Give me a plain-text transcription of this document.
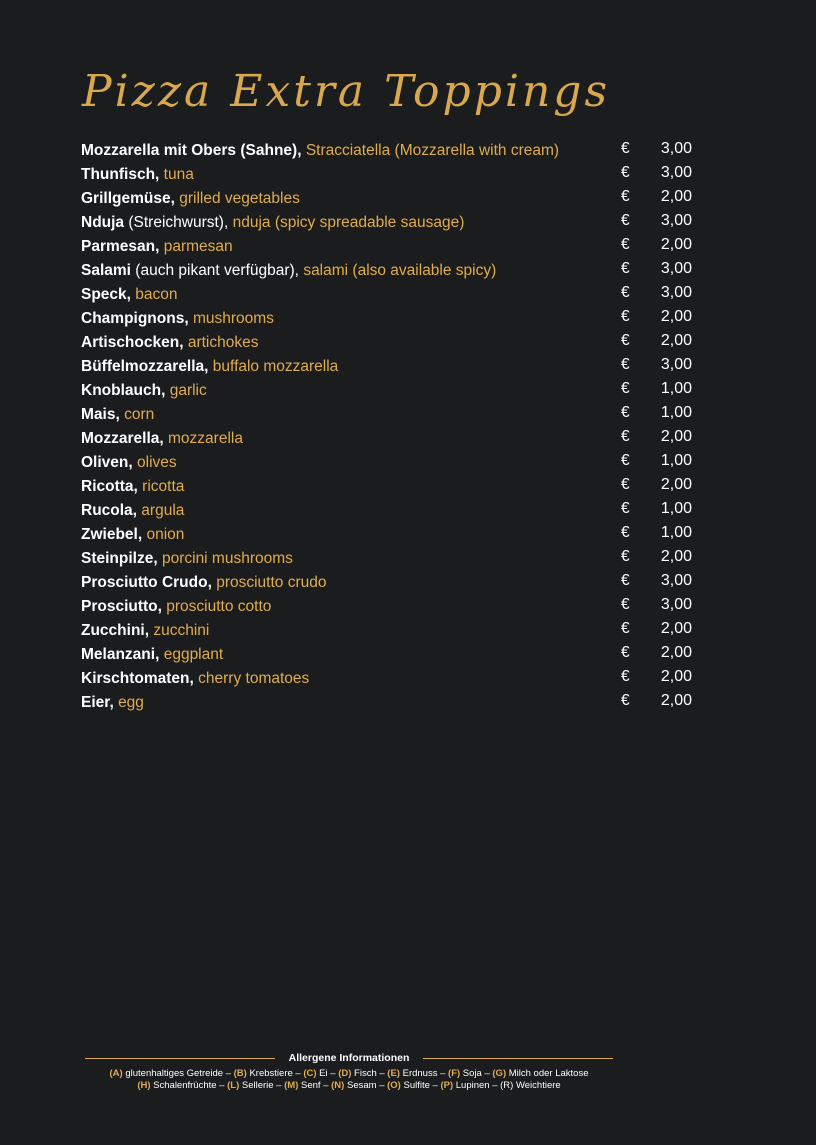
Pizza Extra Toppings
Mozzarella mit Obers (Sahne), Stracciatella (Mozzarella with cream)	€	3,00
Thunfisch, tuna	€	3,00
Grillgemüse, grilled vegetables	€	2,00
Nduja (Streichwurst), nduja (spicy spreadable sausage)	€	3,00
Parmesan, parmesan	€	2,00
Salami (auch pikant verfügbar), salami (also available spicy)	€	3,00
Speck, bacon	€	3,00
Champignons, mushrooms	€	2,00
Artischocken, artichokes	€	2,00
Büffelmozzarella, buffalo mozzarella	€	3,00
Knoblauch, garlic	€	1,00
Mais, corn	€	1,00
Mozzarella, mozzarella	€	2,00
Oliven, olives	€	1,00
Ricotta, ricotta	€	2,00
Rucola, argula	€	1,00
Zwiebel, onion	€	1,00
Steinpilze, porcini mushrooms	€	2,00
Prosciutto Crudo, prosciutto crudo	€	3,00
Prosciutto, prosciutto cotto	€	3,00
Zucchini, zucchini	€	2,00
Melanzani, eggplant	€	2,00
Kirschtomaten, cherry tomatoes	€	2,00
Eier, egg	€	2,00
Allergene Informationen
(A) glutenhaltiges Getreide – (B) Krebstiere – (C) Ei – (D) Fisch – (E) Erdnuss – (F) Soja – (G) Milch oder Laktose
(H) Schalenfrüchte – (L) Sellerie – (M) Senf – (N) Sesam – (O) Sulfite – (P) Lupinen – (R) Weichtiere
